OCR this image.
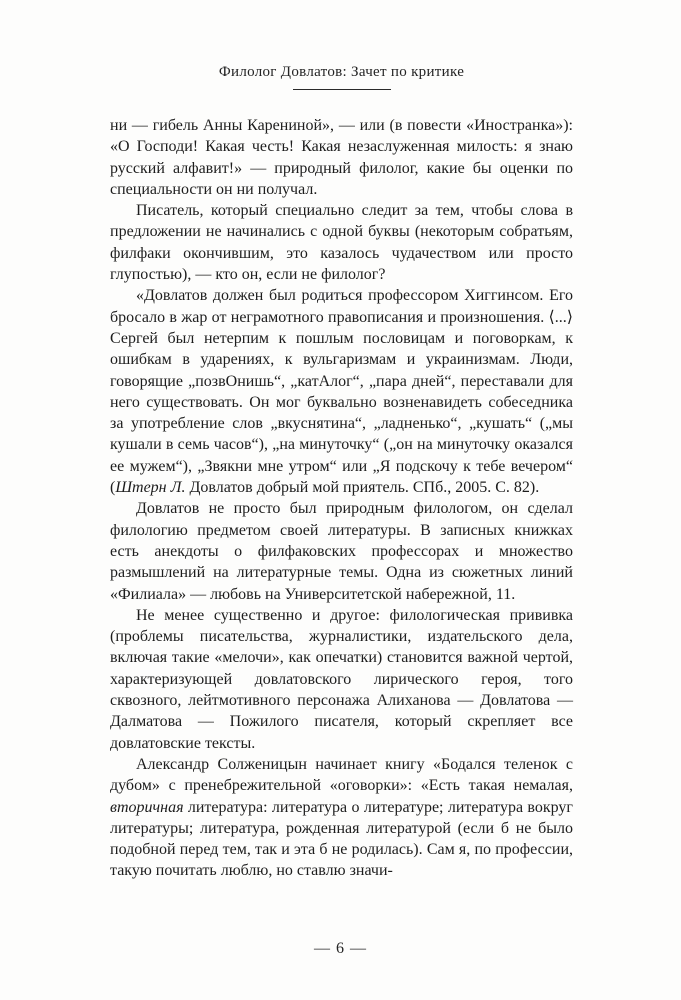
Филолог Довлатов: Зачет по критике

ни — гибель Анны Карениной», — или (в повести «Иностранка»): «О Господи! Какая честь! Какая незаслуженная милость: я знаю русский алфавит!» — природный филолог, какие бы оценки по специальности он ни получал.

Писатель, который специально следит за тем, чтобы слова в предложении не начинались с одной буквы (некоторым собратьям, филфаки окончившим, это казалось чудачеством или просто глупостью), — кто он, если не филолог?

«Довлатов должен был родиться профессором Хиггинсом. Его бросало в жар от неграмотного правописания и произношения. ⟨...⟩ Сергей был нетерпим к пошлым пословицам и поговоркам, к ошибкам в ударениях, к вульгаризмам и украинизмам. Люди, говорящие „позвОнишь“, „катАлог“, „пара дней“, переставали для него существовать. Он мог буквально возненавидеть собеседника за употребление слов „вкуснятина“, „ладненько“, „кушать“ („мы кушали в семь часов“), „на минуточку“ („он на минуточку оказался ее мужем“), „Звякни мне утром“ или „Я подскочу к тебе вечером“ (Штерн Л. Довлатов добрый мой приятель. СПб., 2005. С. 82).

Довлатов не просто был природным филологом, он сделал филологию предметом своей литературы. В записных книжках есть анекдоты о филфаковских профессорах и множество размышлений на литературные темы. Одна из сюжетных линий «Филиала» — любовь на Университетской набережной, 11.

Не менее существенно и другое: филологическая прививка (проблемы писательства, журналистики, издательского дела, включая такие «мелочи», как опечатки) становится важной чертой, характеризующей довлатовского лирического героя, того сквозного, лейтмотивного персонажа Алиханова — Довлатова — Далматова — Пожилого писателя, который скрепляет все довлатовские тексты.

Александр Солженицын начинает книгу «Бодался теленок с дубом» с пренебрежительной «оговорки»: «Есть такая немалая, вторичная литература: литература о литературе; литература вокруг литературы; литература, рожденная литературой (если б не было подобной перед тем, так и эта б не родилась). Сам я, по профессии, такую почитать люблю, но ставлю значи-

— 6 —
